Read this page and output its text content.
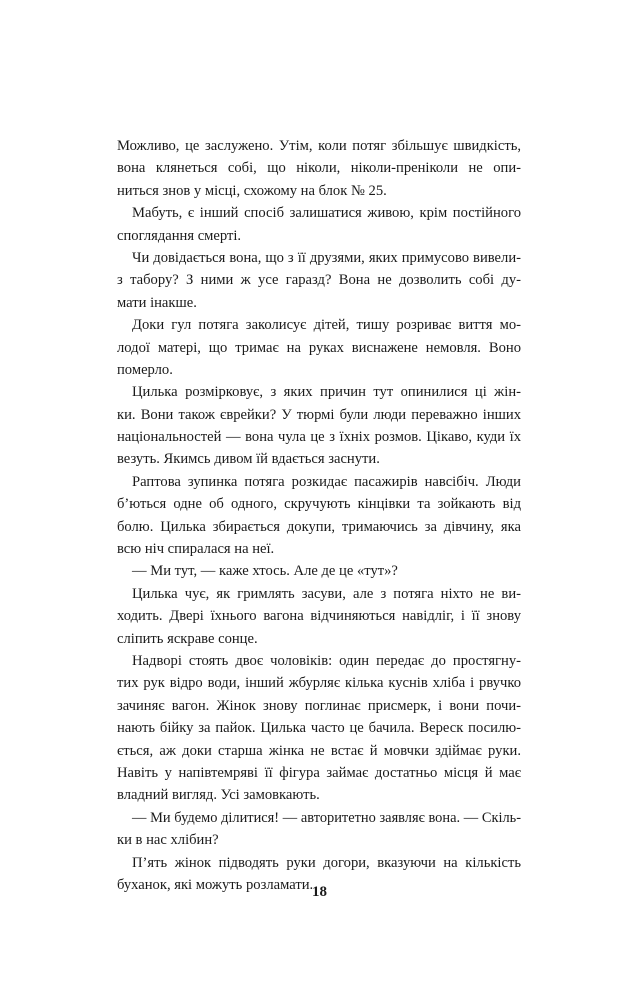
Можливо, це заслужено. Утім, коли потяг збільшує швидкість,
вона клянеться собі, що ніколи, ніколи-преніколи не опи-
ниться знов у місці, схожому на блок № 25.
Мабуть, є інший спосіб залишатися живою, крім постійного
споглядання смерті.
Чи довідається вона, що з її друзями, яких примусово вивели-
з табору? З ними ж усе гаразд? Вона не дозволить собі ду-
мати інакше.
Доки гул потяга заколисує дітей, тишу розриває виття мо-
лодої матері, що тримає на руках виснажене немовля. Воно
померло.
Цилька розмірковує, з яких причин тут опинилися ці жін-
ки. Вони також єврейки? У тюрмі були люди переважно інших
національностей — вона чула це з їхніх розмов. Цікаво, куди їх
везуть. Якимсь дивом їй вдається заснути.
Раптова зупинка потяга розкидає пасажирів навсібіч. Люди
б’ються одне об одного, скручують кінцівки та зойкають від
болю. Цилька збирається докупи, тримаючись за дівчину, яка
всю ніч спиралася на неї.
— Ми тут, — каже хтось. Але де це «тут»?
Цилька чує, як гримлять засуви, але з потяга ніхто не ви-
ходить. Двері їхнього вагона відчиняються навідліг, і її знову
сліпить яскраве сонце.
Надворі стоять двоє чоловіків: один передає до простягну-
тих рук відро води, інший жбурляє кілька куснів хліба і рвучко
зачиняє вагон. Жінок знову поглинає присмерк, і вони почи-
нають бійку за пайок. Цилька часто це бачила. Вереск посилю-
ється, аж доки старша жінка не встає й мовчки здіймає руки.
Навіть у напівтемряві її фігура займає достатньо місця й має
владний вигляд. Усі замовкають.
— Ми будемо ділитися! — авторитетно заявляє вона. — Скіль-
ки в нас хлібин?
П’ять жінок підводять руки догори, вказуючи на кількість
буханок, які можуть розламати.
18
